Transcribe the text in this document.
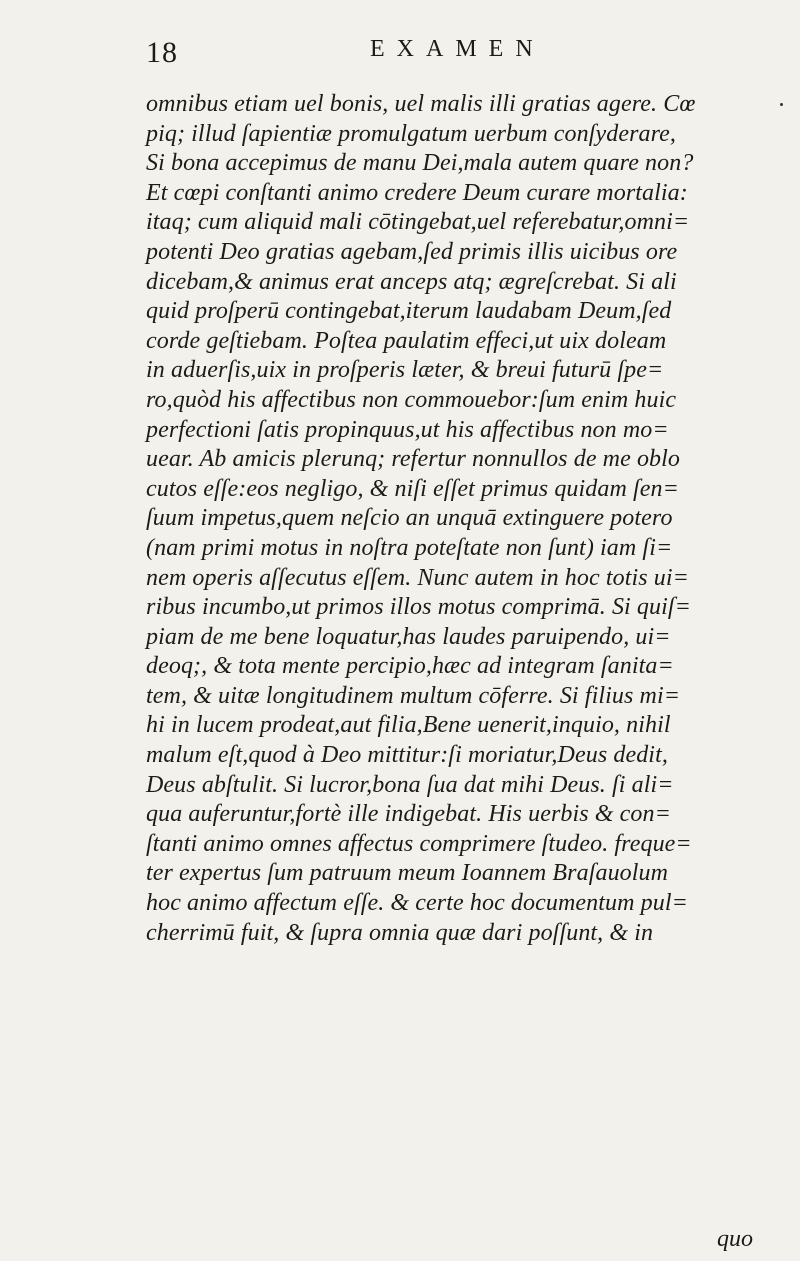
18	EXAMEN
omnibus etiam uel bonis, uel malis illi gratias agere. Cœ
piq; illud ſapientiæ promulgatum uerbum conſyderare,
Si bona accepimus de manu Dei,mala autem quare non?
Et cœpi conſtanti animo credere Deum curare mortalia:
itaq; cum aliquid mali cōtingebat,uel referebatur,omni=
potenti Deo gratias agebam,ſed primis illis uicibus ore
dicebam,& animus erat anceps atq; ægreſcrebat. Si ali
quid proſperū contingebat,iterum laudabam Deum,ſed
corde geſtiebam. Poſtea paulatim effeci,ut uix doleam
in aduerſis,uix in proſperis læter, & breui futurū ſpe=
ro,quòd his affectibus non commouebor:ſum enim huic
perfectioni ſatis propinquus,ut his affectibus non mo=
uear. Ab amicis plerunq; refertur nonnullos de me oblo
cutos eſſe:eos negligo, & niſi eſſet primus quidam ſen=
ſuum impetus,quem neſcio an unquā extinguere potero
(nam primi motus in noſtra poteſtate non ſunt) iam ſi=
nem operis aſſecutus eſſem. Nunc autem in hoc totis ui=
ribus incumbo,ut primos illos motus comprimā. Si quiſ=
piam de me bene loquatur,has laudes paruipendo, ui=
deoq;, & tota mente percipio,hæc ad integram ſanita=
tem, & uitæ longitudinem multum cōferre. Si filius mi=
hi in lucem prodeat,aut filia,Bene uenerit,inquio, nihil
malum eſt,quod à Deo mittitur:ſi moriatur,Deus dedit,
Deus abſtulit. Si lucror,bona ſua dat mihi Deus. ſi ali=
qua auferuntur,fortè ille indigebat. His uerbis & con=
ſtanti animo omnes affectus comprimere ſtudeo. freque=
ter expertus ſum patruum meum Ioannem Braſauolum
hoc animo affectum eſſe. & certe hoc documentum pul=
cherrimū fuit, & ſupra omnia quæ dari poſſunt, & in
quo
